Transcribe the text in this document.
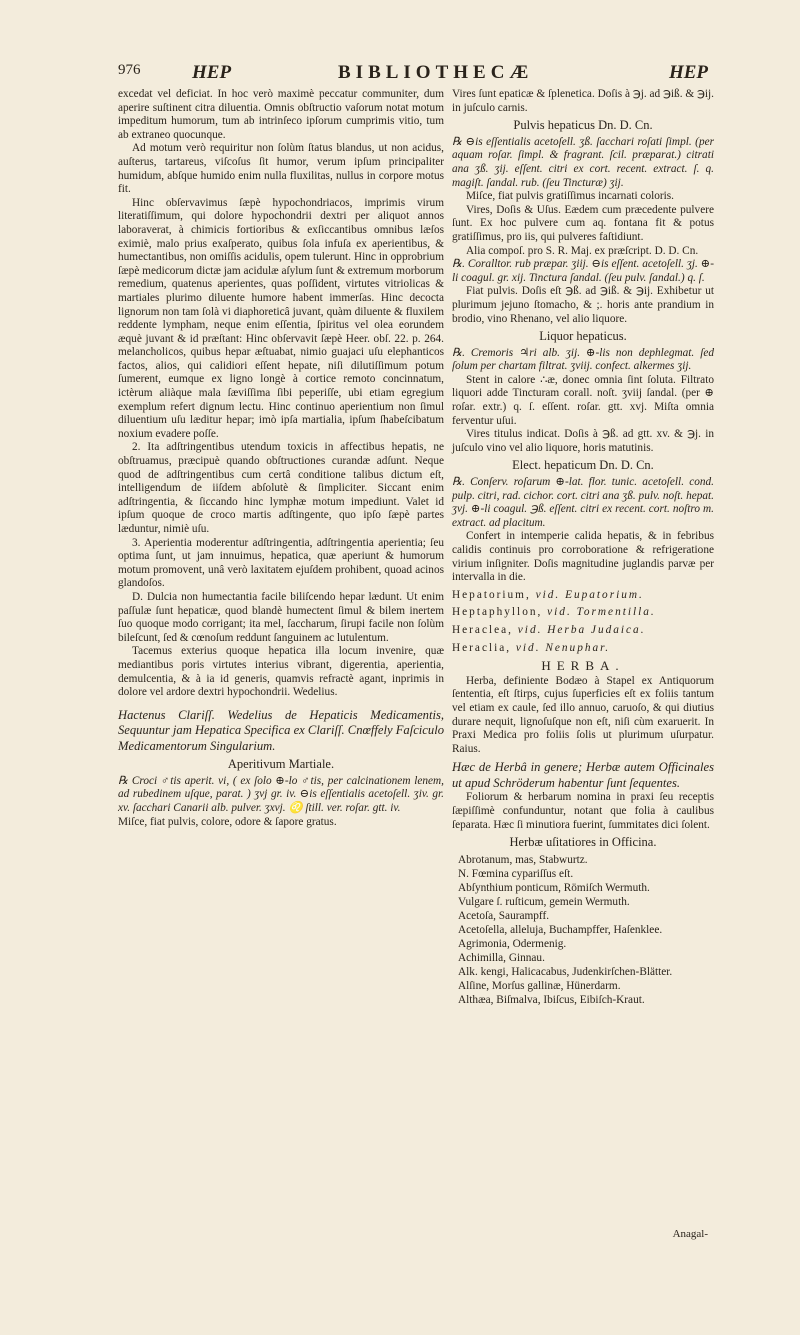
976	HEP	BIBLIOTHECÆ	HEP

excedat vel deficiat. In hoc verò maximè peccatur communiter, dum aperire suſtinent citra diluentia. Omnis obſtructio vaſorum notat motum impeditum humorum, tum ab intrinſeco ipſorum cumprimis vitio, tum ab extraneo quocunque.

Ad motum verò requiritur non ſolùm ſtatus blandus, ut non acidus, auſterus, tartareus, viſcoſus ſit humor, verum ipſum principaliter humidum, abſque humido enim nulla fluxilitas, nullus in corpore motus fit.

Hinc obſervavimus ſæpè hypochondriacos, imprimis virum literatiſſimum, qui dolore hypochondrii dextri per aliquot annos laboraverat, à chimicis fortioribus & exſiccantibus omnibus læſos eximiè, malo prius exaſperato, quibus ſola infuſa ex aperientibus, & humectantibus, non omiſſis acidulis, opem tulerunt. Hinc in opprobrium ſæpè medicorum dictæ jam acidulæ aſylum ſunt & extremum morborum remedium, quatenus aperientes, quas poſſident, virtutes vitriolicas & martiales plurimo diluente humore habent immerſas. Hinc decocta lignorum non tam ſolà vi diaphoreticâ juvant, quàm diluente & fluxilem reddente lympham, neque enim eſſentia, ſpiritus vel olea eorundem æquè juvant & id præſtant: Hinc obſervavit ſæpè Heer. obſ. 22. p. 264. melancholicos, quibus hepar æſtuabat, nimio guajaci uſu elephanticos factos, alios, qui calidiori eſſent hepate, niſi dilutiſſimum potum ſumerent, eumque ex ligno longè à cortice remoto concinnatum, ictèrum aliàque mala ſæviſſima ſibi peperiſſe, ubi etiam egregium exemplum refert dignum lectu. Hinc continuo aperientium non ſimul diluentium uſu læditur hepar; imò ipſa martialia, ipſum ſhabeſcibatum noxium evadere poſſe.

2. Ita adſtringentibus utendum toxicis in affectibus hepatis, ne obſtruamus, præcipuè quando obſtructiones curandæ adſunt. Neque quod de adſtringentibus cum certâ conditione talibus dictum eſt, intelligendum de iiſdem abſolutè & ſimpliciter. Siccant enim adſtringentia, & ſiccando hinc lymphæ motum impediunt. Valet id ipſum quoque de croco martis adſtingente, quo ipſo ſæpè partes læduntur, nimiè uſu.

3. Aperientia moderentur adſtringentia, adſtringentia aperientia; ſeu optima ſunt, ut jam innuimus, hepatica, quæ aperiunt & humorum motum promovent, unâ verò laxitatem ejuſdem prohibent, quoad acinos glandoſos.

D. Dulcia non humectantia facile biliſcendo hepar lædunt. Ut enim paſſulæ ſunt hepaticæ, quod blandè humectent ſimul & bilem inertem ſuo quoque modo corrigant; ita mel, ſaccharum, ſirupi facile non ſolùm bileſcunt, ſed & cœnoſum reddunt ſanguinem ac lutulentum.

Tacemus exterius quoque hepatica illa locum invenire, quæ mediantibus poris virtutes interius vibrant, digerentia, aperientia, demulcentia, & à ia id generis, quamvis refractè agant, inprimis in dolore vel ardore dextri hypochondrii. Wedelius.

Hactenus Clariſſ. Wedelius de Hepaticis Medicamentis, Sequuntur jam Hepatica Specifica ex Clariſſ. Cnœffely Faſciculo Medicamentorum Singularium.

Aperitivum Martiale.

℞ Croci ♂tis aperit. vi, ( ex ſolo ⊕-lo ♂tis, per calcinationem lenem, ad rubedinem uſque, parat. ) ʒvj gr. iv. ⊖is eſſentialis acetoſell. ʒiv. gr. xv. ſacchari Canarii alb. pulver. ʒxvj. ♌ ſtill. ver. roſar. gtt. iv.

Miſce, fiat pulvis, colore, odore & ſapore gratus.

Vires ſunt epaticæ & ſplenetica. Doſis à ℈j. ad ℈iß. & ℈ij. in juſculo carnis.

Pulvis hepaticus Dn. D. Cn.

℞ ⊖is eſſentialis acetoſell. ʒß. ſacchari roſati ſimpl. (per aquam roſar. ſimpl. & fragrant. ſcil. præparat.) citrati ana ʒß. ʒij. eſſent. citri ex cort. recent. extract. ſ. q. magiſt. ſandal. rub. (ſeu Tincturæ) ʒij.

Miſce, fiat pulvis gratiſſimus incarnati coloris.

Vires, Doſis & Uſus. Eædem cum præcedente pulvere ſunt. Ex hoc pulvere cum aq. fontana fit & potus gratiſſimus, pro iis, qui pulveres faſtidiunt.

Alia compoſ. pro S. R. Maj. ex præſcript. D. D. Cn.

℞. Coralltor. rub præpar. ʒiij. ⊖is eſſent. acetoſell. ʒj. ⊕-li coagul. gr. xij. Tinctura ſandal. (ſeu pulv. ſandal.) q. ſ.

Fiat pulvis. Doſis eſt ℈ß. ad ℈iß. & ℈ij. Exhibetur ut plurimum jejuno ſtomacho, & ;. horis ante prandium in brodio, vino Rhenano, vel alio liquore.

Liquor hepaticus.

℞. Cremoris ♃ri alb. ʒij. ⊕-lis non dephlegmat. ſed ſolum per chartam filtrat. ʒviij. confect. alkermes ʒij.

Stent in calore ∴æ, donec omnia ſint ſoluta. Filtrato liquori adde Tincturam corall. noſt. ʒviij ſandal. (per ⊕ roſar. extr.) q. ſ. eſſent. roſar. gtt. xvj. Miſta omnia ferventur uſui.

Vires titulus indicat. Doſis à ℈ß. ad gtt. xv. & ℈j. in juſculo vino vel alio liquore, horis matutinis.

Elect. hepaticum Dn. D. Cn.

℞. Conſerv. roſarum ⊕-lat. flor. tunic. acetoſell. cond. pulp. citri, rad. cichor. cort. citri ana ʒß. pulv. noſt. hepat. ʒvj. ⊕-li coagul. ℈ß. eſſent. citri ex recent. cort. noſtro m. extract. ad placitum.

Confert in intemperie calida hepatis, & in febribus calidis continuis pro corroboratione & refrigeratione virium inſigniter. Doſis magnitudine juglandis parvæ per intervalla in die.

Hepatorium, vid. Eupatorium.

Heptaphyllon, vid. Tormentilla.

Heraclea, vid. Herba Judaica.

Heraclia, vid. Nenuphar.

HERBA.

Herba, definiente Bodæo à Stapel ex Antiquorum ſententia, eſt ſtirps, cujus ſuperficies eſt ex foliis tantum vel etiam ex caule, ſed illo annuo, caruoſo, & qui diutius durare nequit, lignoſuſque non eſt, niſi cùm exaruerit. In Praxi Medica pro foliis ſolis ut plurimum uſurpatur. Raius.

Hæc de Herbâ in genere; Herbæ autem Officinales ut apud Schröderum habentur ſunt ſequentes.

Foliorum & herbarum nomina in praxi ſeu receptis ſæpiſſimè confunduntur, notant que folia à caulibus ſeparata. Hæc ſi minutiora fuerint, ſummitates dici ſolent.

Herbæ uſitatiores in Officina.

Abrotanum, mas, Stabwurtz.

N. Fœmina cypariſſus eſt.

Abſynthium ponticum, Römiſch Wermuth.

Vulgare ſ. ruſticum, gemein Wermuth.

Acetoſa, Saurampff.

Acetoſella, alleluja, Buchampffer, Haſenklee.

Agrimonia, Odermenig.

Achimilla, Ginnau.

Alk. kengi, Halicacabus, Judenkirſchen-Blätter.

Alſine, Morſus gallinæ, Hünerdarm.

Althæa, Biſmalva, Ibiſcus, Eibiſch-Kraut.

Anagal-
